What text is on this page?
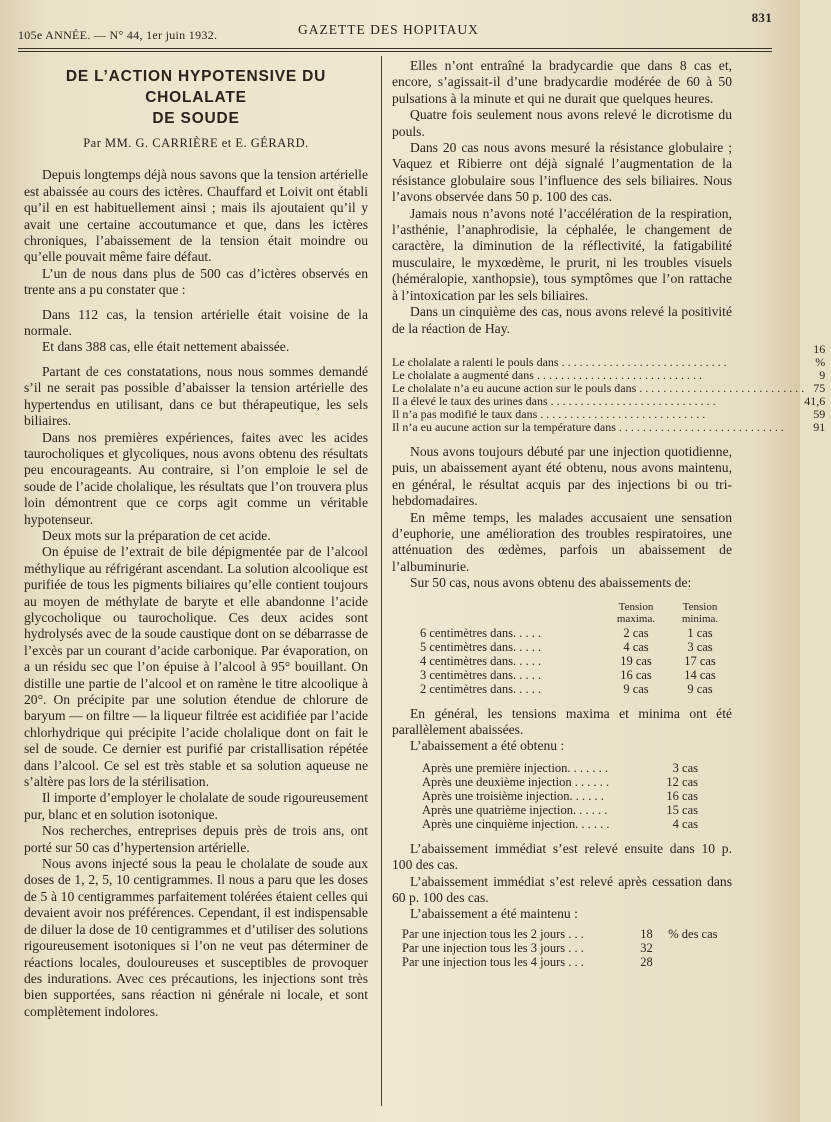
105e ANNÉE. — N° 44, 1er juin 1932.	GAZETTE DES HOPITAUX
831
DE L’ACTION HYPOTENSIVE DU CHOLALATE
DE SOUDE
Par MM. G. CARRIÈRE et E. GÉRARD.

Depuis longtemps déjà nous savons que la tension artérielle est abaissée au cours des ictères. Chauffard et Loivit ont établi qu’il en est habituellement ainsi ; mais ils ajoutaient qu’il y avait une certaine accoutumance et que, dans les ictères chroniques, l’abaissement de la tension était moindre ou qu’elle pouvait même faire défaut.

L’un de nous dans plus de 500 cas d’ictères observés en trente ans a pu constater que :

Dans 112 cas, la tension artérielle était voisine de la normale.

Et dans 388 cas, elle était nettement abaissée.

Partant de ces constatations, nous nous sommes demandé s’il ne serait pas possible d’abaisser la tension artérielle des hypertendus en utilisant, dans ce but thérapeutique, les sels biliaires.

Dans nos premières expériences, faites avec les acides taurocholiques et glycoliques, nous avons obtenu des résultats peu encourageants. Au contraire, si l’on emploie le sel de soude de l’acide cholalique, les résultats que l’on trouvera plus loin démontrent que ce corps agit comme un véritable hypotenseur.

Deux mots sur la préparation de cet acide.

On épuise de l’extrait de bile dépigmentée par de l’alcool méthylique au réfrigérant ascendant. La solution alcoolique est purifiée de tous les pigments biliaires qu’elle contient toujours au moyen de méthylate de baryte et elle abandonne l’acide glycocholique ou taurocholique. Ces deux acides sont hydrolysés avec de la soude caustique dont on se débarrasse de l’excès par un courant d’acide carbonique. Par évaporation, on a un résidu sec que l’on épuise à l’alcool à 95° bouillant. On distille une partie de l’alcool et on ramène le titre alcoolique à 20°. On précipite par une solution étendue de chlorure de baryum — on filtre — la liqueur filtrée est acidifiée par l’acide chlorhydrique qui précipite l’acide cholalique dont on fait le sel de soude. Ce dernier est purifié par cristallisation répétée dans l’alcool. Ce sel est très stable et sa solution aqueuse ne s’altère pas lors de la stérilisation.

Il importe d’employer le cholalate de soude rigoureusement pur, blanc et en solution isotonique.

Nos recherches, entreprises depuis près de trois ans, ont porté sur 50 cas d’hypertension artérielle.

Nous avons injecté sous la peau le cholalate de soude aux doses de 1, 2, 5, 10 centigrammes. Il nous a paru que les doses de 5 à 10 centigrammes parfaitement tolérées étaient celles qui devaient avoir nos préférences. Cependant, il est indispensable de diluer la dose de 10 centigrammes et d’utiliser des solutions rigoureusement isotoniques si l’on ne veut pas déterminer de réactions locales, douloureuses et susceptibles de provoquer des indurations. Avec ces précautions, les injections sont très bien supportées, sans réaction ni générale ni locale, et sont complètement indolores.

Elles n’ont entraîné la bradycardie que dans 8 cas et, encore, s’agissait-il d’une bradycardie modérée de 60 à 50 pulsations à la minute et qui ne durait que quelques heures.

Quatre fois seulement nous avons relevé le dicrotisme du pouls.

Dans 20 cas nous avons mesuré la résistance globulaire ; Vaquez et Ribierre ont déjà signalé l’augmentation de la résistance globulaire sous l’influence des sels biliaires. Nous l’avons observée dans 50 p. 100 des cas.

Jamais nous n’avons noté l’accélération de la respiration, l’asthénie, l’anaphrodisie, la céphalée, le changement de caractère, la diminution de la réflectivité, la fatigabilité musculaire, le myxœdème, le prurit, ni les troubles visuels (héméralopie, xanthopsie), tous symptômes que l’on rattache à l’intoxication par les sels biliaires.

Dans un cinquième des cas, nous avons relevé la positivité de la réaction de Hay.

Le cholalate a ralenti le pouls dans . . .	16 %
Le cholalate a augmenté dans . . .	9
Le cholalate n’a eu aucune action sur le pouls dans . . .	75
Il a élevé le taux des urines dans . . .	41,6
Il n’a pas modifié le taux dans . . .	59
Il n’a eu aucune action sur la température dans . . .	91

Nous avons toujours débuté par une injection quotidienne, puis, un abaissement ayant été obtenu, nous avons maintenu, en général, le résultat acquis par des injections bi ou tri-hebdomadaires.

En même temps, les malades accusaient une sensation d’euphorie, une amélioration des troubles respiratoires, une atténuation des œdèmes, parfois un abaissement de l’albuminurie.

Sur 50 cas, nous avons obtenu des abaissements de:

	Tension maxima.	Tension minima.
6 centimètres dans. . . . .	2 cas	1 cas
5 centimètres dans. . . . .	4 cas	3 cas
4 centimètres dans. . . . .	19 cas	17 cas
3 centimètres dans. . . . .	16 cas	14 cas
2 centimètres dans. . . . .	9 cas	9 cas

En général, les tensions maxima et minima ont été parallèlement abaissées.

L’abaissement a été obtenu :

Après une première injection. . . . . . .	3 cas
Après une deuxième injection . . . . . .	12 cas
Après une troisième injection. . . . . .	16 cas
Après une quatrième injection. . . . . .	15 cas
Après une cinquième injection. . . . . .	4 cas

L’abaissement immédiat s’est relevé ensuite dans 10 p. 100 des cas.

L’abaissement immédiat s’est relevé après cessation dans 60 p. 100 des cas.

L’abaissement a été maintenu :

Par une injection tous les 2 jours . . .	18	% des cas
Par une injection tous les 3 jours . . .	32	
Par une injection tous les 4 jours . . .	28	
